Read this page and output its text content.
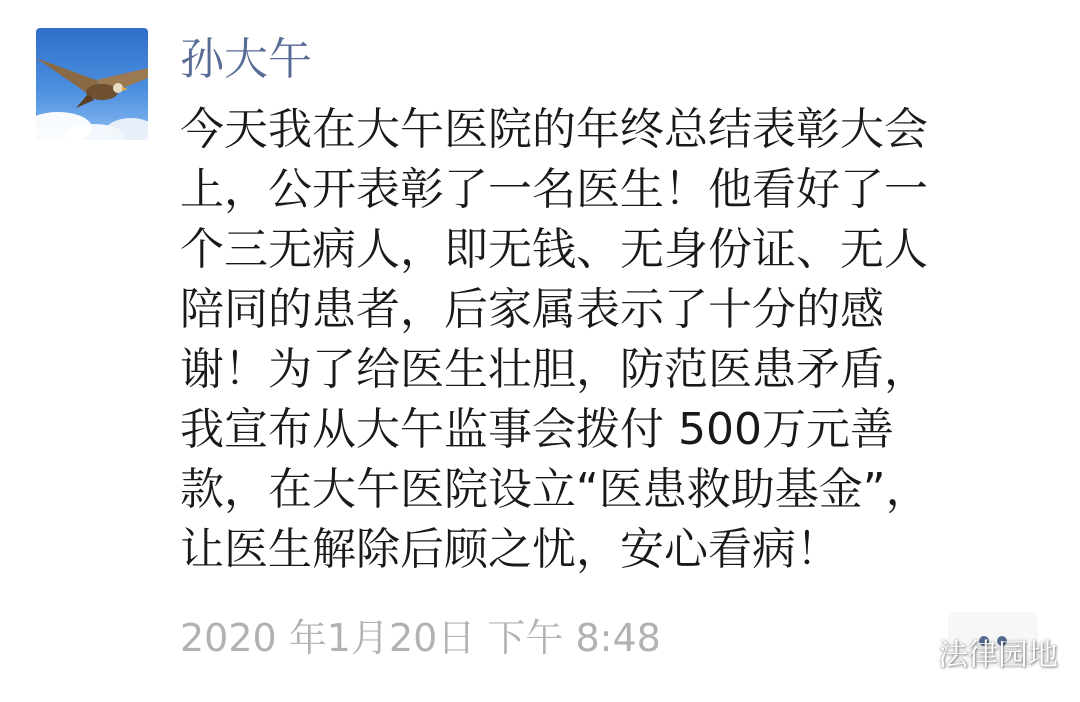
孙大午
今天我在大午医院的年终总结表彰大会
上，公开表彰了一名医生！他看好了一
个三无病人，即无钱、无身份证、无人
陪同的患者，后家属表示了十分的感
谢！为了给医生壮胆，防范医患矛盾，
我宣布从大午监事会拨付 500万元善
款，在大午医院设立“医患救助基金”，
让医生解除后顾之忧，安心看病！
2020 年1月20日 下午 8:48	法律园地
